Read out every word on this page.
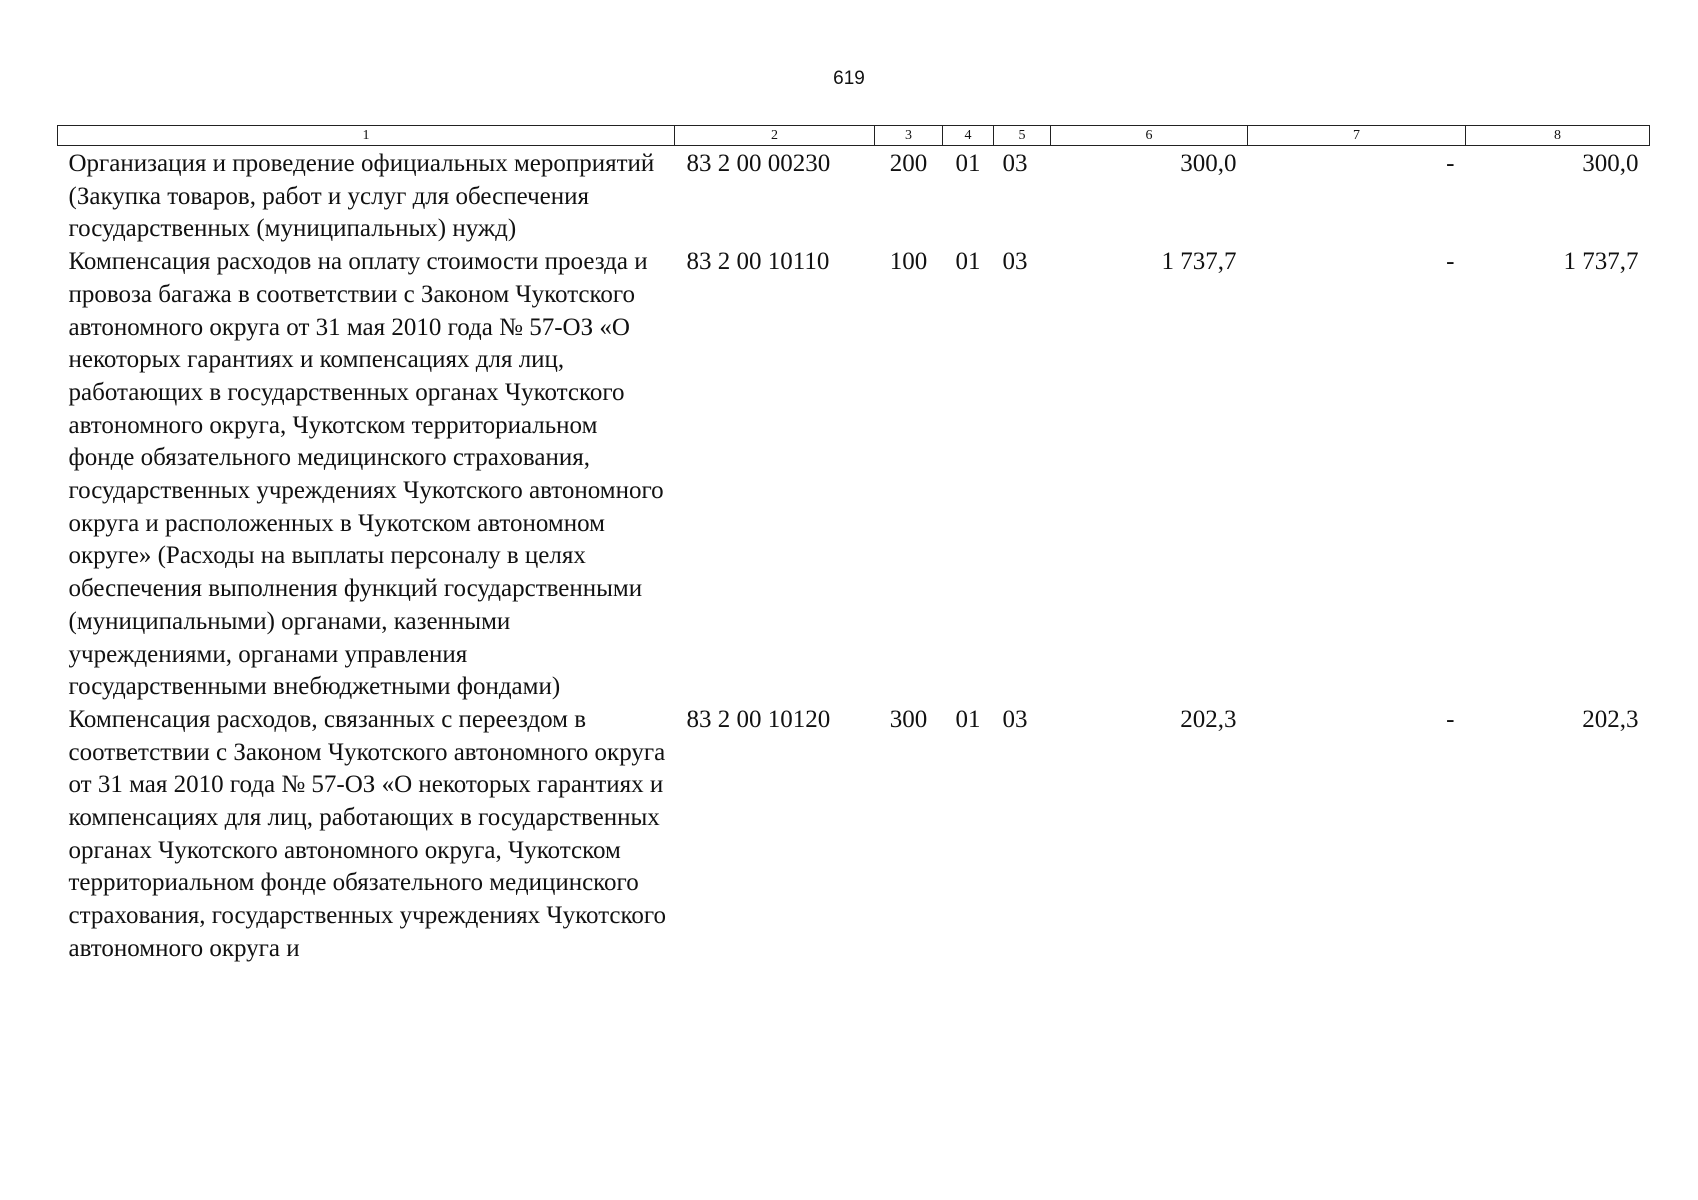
619
1	2	3	4	5	6	7	8
Организация и проведение официальных мероприятий (Закупка товаров, работ и услуг для обеспечения государственных (муниципальных) нужд)	83 2 00 00230	200	01	03	300,0	-	300,0
Компенсация расходов на оплату стоимости проезда и провоза багажа в соответствии с Законом Чукотского автономного округа от 31 мая 2010 года № 57-ОЗ «О некоторых гарантиях и компенсациях для лиц, работающих в государственных органах Чукотского автономного округа, Чукотском территориальном фонде обязательного медицинского страхования, государственных учреждениях Чукотского автономного округа и расположенных в Чукотском автономном округе» (Расходы на выплаты персоналу в целях обеспечения выполнения функций государственными (муниципальными) органами, казенными учреждениями, органами управления государственными внебюджетными фондами)	83 2 00 10110	100	01	03	1 737,7	-	1 737,7
Компенсация расходов, связанных с переездом в соответствии с Законом Чукотского автономного округа от 31 мая 2010 года № 57-ОЗ «О некоторых гарантиях и компенсациях для лиц, работающих в государственных органах Чукотского автономного округа, Чукотском территориальном фонде обязательного медицинского страхования, государственных учреждениях Чукотского автономного округа и	83 2 00 10120	300	01	03	202,3	-	202,3
